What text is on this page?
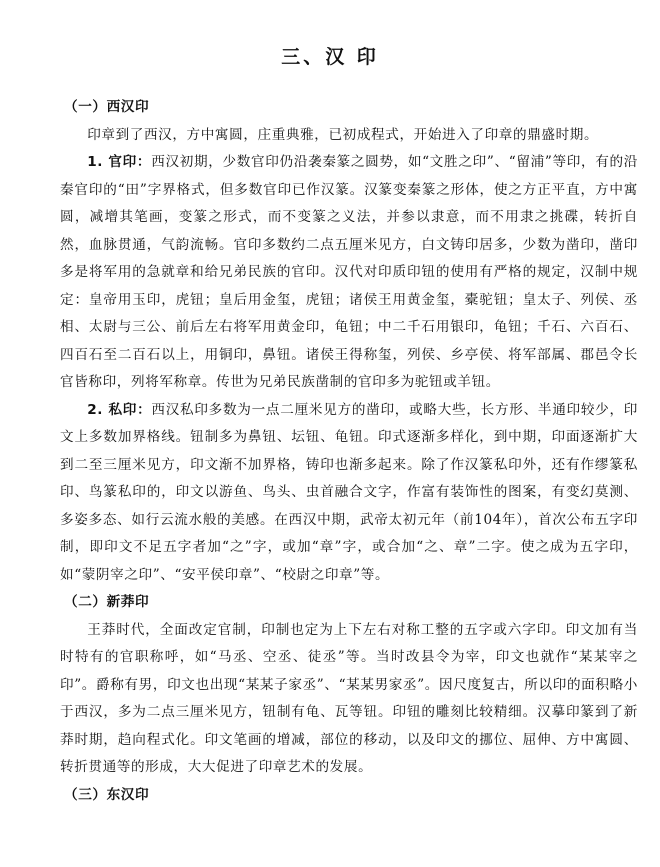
三、汉 印
（一）西汉印

印章到了西汉，方中寓圆，庄重典雅，已初成程式，开始进入了印章的鼎盛时期。

1. 官印：西汉初期，少数官印仍沿袭秦篆之圆势，如“文胜之印”、“留浦”等印，有的沿秦官印的“田”字界格式，但多数官印已作汉篆。汉篆变秦篆之形体，使之方正平直，方中寓圆，减增其笔画，变篆之形式，而不变篆之义法，并参以隶意，而不用隶之挑碟，转折自然，血脉贯通，气韵流畅。官印多数约二点五厘米见方，白文铸印居多，少数为凿印，凿印多是将军用的急就章和给兄弟民族的官印。汉代对印质印钮的使用有严格的规定，汉制中规定：皇帝用玉印，虎钮；皇后用金玺，虎钮；诸侯王用黄金玺，橐驼钮；皇太子、列侯、丞相、太尉与三公、前后左右将军用黄金印，龟钮；中二千石用银印，龟钮；千石、六百石、四百石至二百石以上，用铜印，鼻钮。诸侯王得称玺，列侯、乡亭侯、将军部属、郡邑令长官皆称印，列将军称章。传世为兄弟民族凿制的官印多为驼钮或羊钮。

2. 私印：西汉私印多数为一点二厘米见方的凿印，或略大些，长方形、半通印较少，印文上多数加界格线。钮制多为鼻钮、坛钮、龟钮。印式逐渐多样化，到中期，印面逐渐扩大到二至三厘米见方，印文渐不加界格，铸印也渐多起来。除了作汉篆私印外，还有作缪篆私印、鸟篆私印的，印文以游鱼、鸟头、虫首融合文字，作富有装饰性的图案，有变幻莫测、多姿多态、如行云流水般的美感。在西汉中期，武帝太初元年（前104年），首次公布五字印制，即印文不足五字者加“之”字，或加“章”字，或合加“之、章”二字。使之成为五字印，如“蒙阴宰之印”、“安平侯印章”、“校尉之印章”等。

（二）新莽印

王莽时代，全面改定官制，印制也定为上下左右对称工整的五字或六字印。印文加有当时特有的官职称呼，如“马丞、空丞、徒丞”等。当时改县令为宰，印文也就作“某某宰之印”。爵称有男，印文也出现“某某子家丞”、“某某男家丞”。因尺度复古，所以印的面积略小于西汉，多为二点三厘米见方，钮制有龟、瓦等钮。印钮的雕刻比较精细。汉摹印篆到了新莽时期，趋向程式化。印文笔画的增减，部位的移动，以及印文的挪位、屈伸、方中寓圆、转折贯通等的形成，大大促进了印章艺术的发展。

（三）东汉印
